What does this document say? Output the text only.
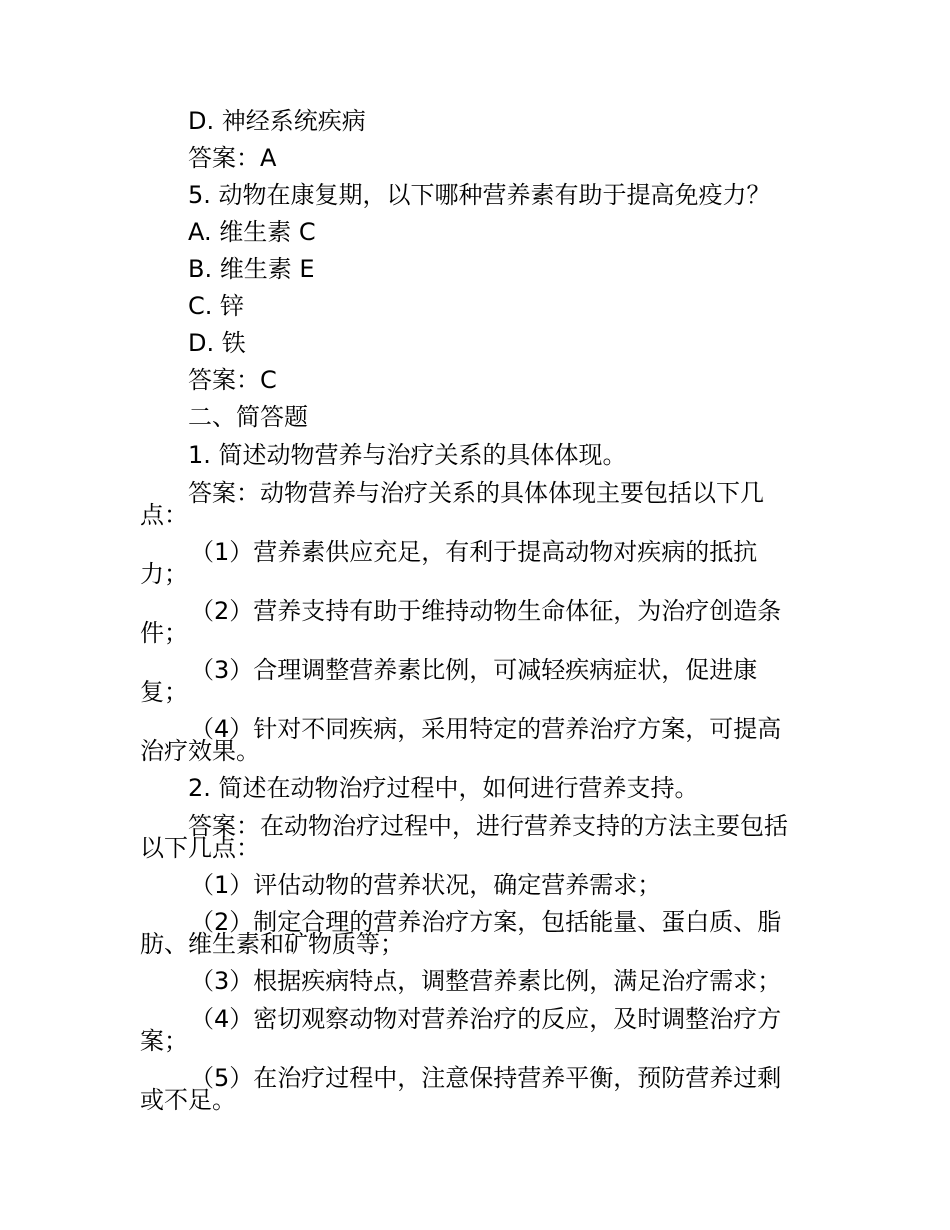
D. 神经系统疾病

答案：A

5. 动物在康复期，以下哪种营养素有助于提高免疫力？

A. 维生素 C

B. 维生素 E

C. 锌

D. 铁

答案：C

二、简答题

1. 简述动物营养与治疗关系的具体体现。

答案：动物营养与治疗关系的具体体现主要包括以下几

点：

（1）营养素供应充足，有利于提高动物对疾病的抵抗

力；

（2）营养支持有助于维持动物生命体征，为治疗创造条

件；

（3）合理调整营养素比例，可减轻疾病症状，促进康

复；

（4）针对不同疾病，采用特定的营养治疗方案，可提高

治疗效果。

2. 简述在动物治疗过程中，如何进行营养支持。

答案：在动物治疗过程中，进行营养支持的方法主要包括

以下几点：

（1）评估动物的营养状况，确定营养需求；

（2）制定合理的营养治疗方案，包括能量、蛋白质、脂

肪、维生素和矿物质等；

（3）根据疾病特点，调整营养素比例，满足治疗需求；

（4）密切观察动物对营养治疗的反应，及时调整治疗方

案；

（5）在治疗过程中，注意保持营养平衡，预防营养过剩

或不足。
